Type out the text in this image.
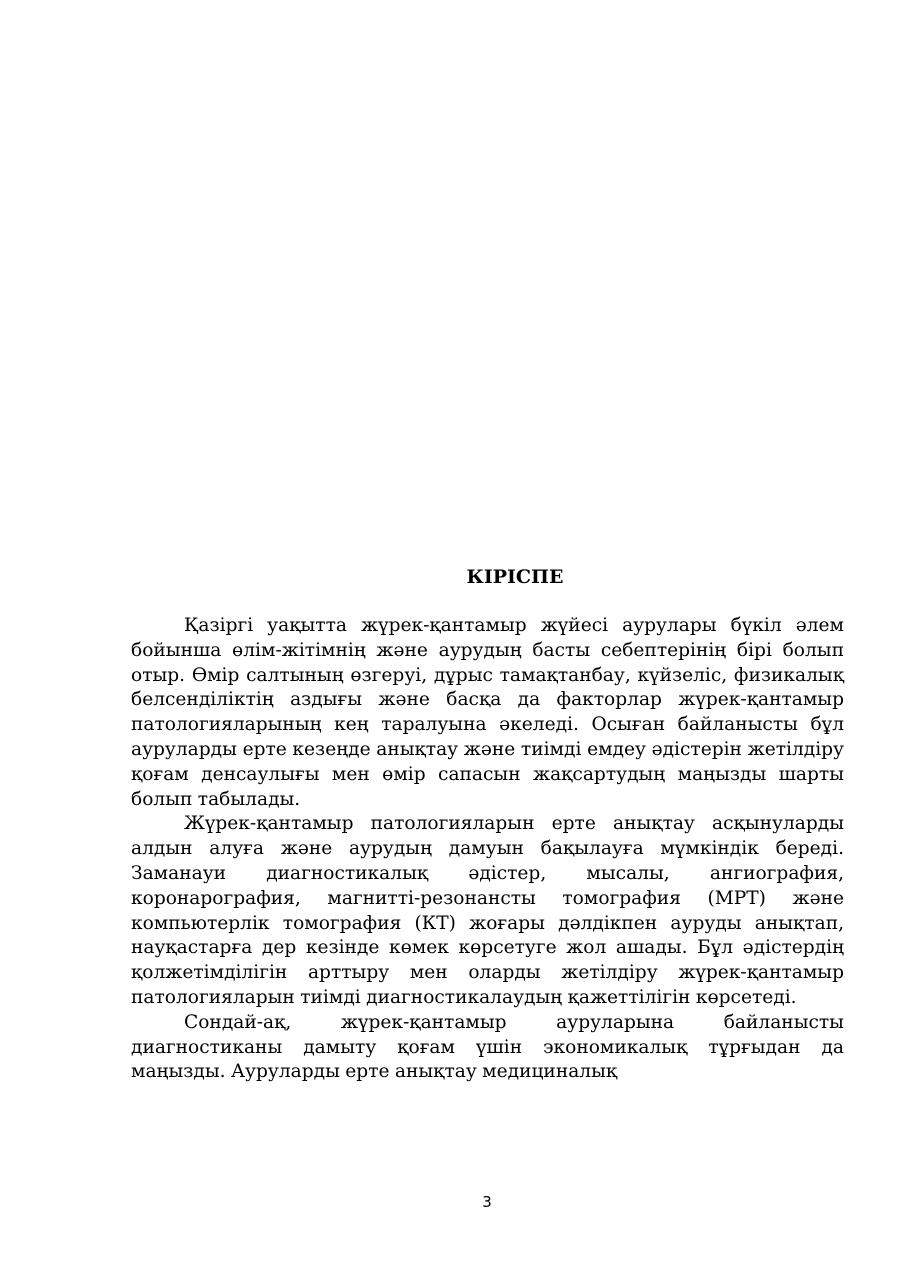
КІРІСПЕ

Қазіргі уақытта жүрек-қантамыр жүйесі аурулары бүкіл әлем бойынша өлім-жітімнің және аурудың басты себептерінің бірі болып отыр. Өмір салтының өзгеруі, дұрыс тамақтанбау, күйзеліс, физикалық белсенділіктің аздығы және басқа да факторлар жүрек-қантамыр патологияларының кең таралуына әкеледі. Осыған байланысты бұл ауруларды ерте кезеңде анықтау және тиімді емдеу әдістерін жетілдіру қоғам денсаулығы мен өмір сапасын жақсартудың маңызды шарты болып табылады.

Жүрек-қантамыр патологияларын ерте анықтау асқынуларды алдын алуға және аурудың дамуын бақылауға мүмкіндік береді. Заманауи диагностикалық әдістер, мысалы, ангиография, коронарография, магнитті-резонансты томография (МРТ) және компьютерлік томография (КТ) жоғары дәлдікпен ауруды анықтап, науқастарға дер кезінде көмек көрсетуге жол ашады. Бұл әдістердің қолжетімділігін арттыру мен оларды жетілдіру жүрек-қантамыр патологияларын тиімді диагностикалаудың қажеттілігін көрсетеді.

Сондай-ақ, жүрек-қантамыр ауруларына байланысты диагностиканы дамыту қоғам үшін экономикалық тұрғыдан да маңызды. Ауруларды ерте анықтау медициналық

3
